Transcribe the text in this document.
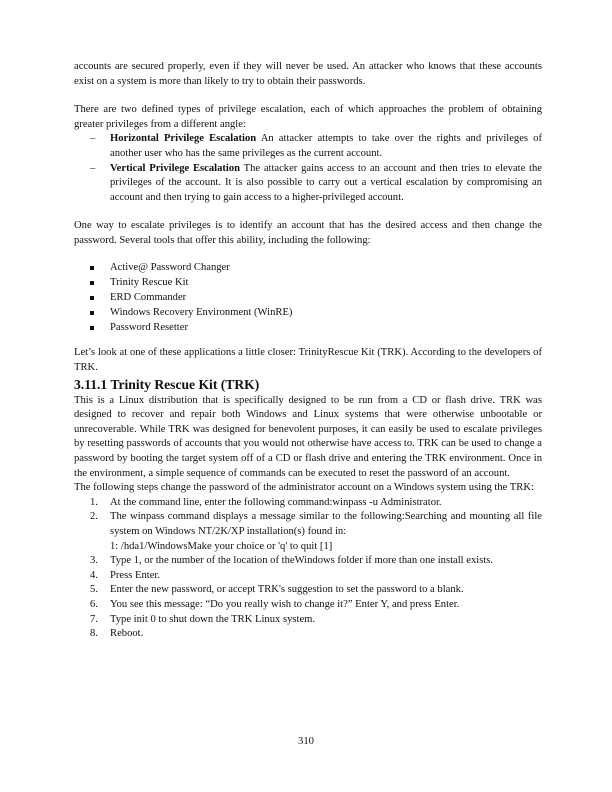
accounts are secured properly, even if they will never be used. An attacker who knows that these accounts exist on a system is more than likely to try to obtain their passwords.

There are two defined types of privilege escalation, each of which approaches the problem of obtaining greater privileges from a different angle:

– Horizontal Privilege Escalation An attacker attempts to take over the rights and privileges of another user who has the same privileges as the current account.
– Vertical Privilege Escalation The attacker gains access to an account and then tries to elevate the privileges of the account. It is also possible to carry out a vertical escalation by compromising an account and then trying to gain access to a higher-privileged account.

One way to escalate privileges is to identify an account that has the desired access and then change the password. Several tools that offer this ability, including the following:

Active@ Password Changer
Trinity Rescue Kit
ERD Commander
Windows Recovery Environment (WinRE)
Password Resetter

Let’s look at one of these applications a little closer: TrinityRescue Kit (TRK). According to the developers of TRK.

3.11.1 Trinity Rescue Kit (TRK)

This is a Linux distribution that is specifically designed to be run from a CD or flash drive. TRK was designed to recover and repair both Windows and Linux systems that were otherwise unbootable or unrecoverable. While TRK was designed for benevolent purposes, it can easily be used to escalate privileges by resetting passwords of accounts that you would not otherwise have access to. TRK can be used to change a password by booting the target system off of a CD or flash drive and entering the TRK environment. Once in the environment, a simple sequence of commands can be executed to reset the password of an account.

The following steps change the password of the administrator account on a Windows system using the TRK:

1. At the command line, enter the following command:winpass -u Administrator.
2. The winpass command displays a message similar to the following:Searching and mounting all file system on Windows NT/2K/XP installation(s) found in:
1: /hda1/WindowsMake your choice or 'q' to quit [1]
3. Type 1, or the number of the location of theWindows folder if more than one install exists.
4. Press Enter.
5. Enter the new password, or accept TRK's suggestion to set the password to a blank.
6. You see this message: “Do you really wish to change it?” Enter Y, and press Enter.
7. Type init 0 to shut down the TRK Linux system.
8. Reboot.
310
